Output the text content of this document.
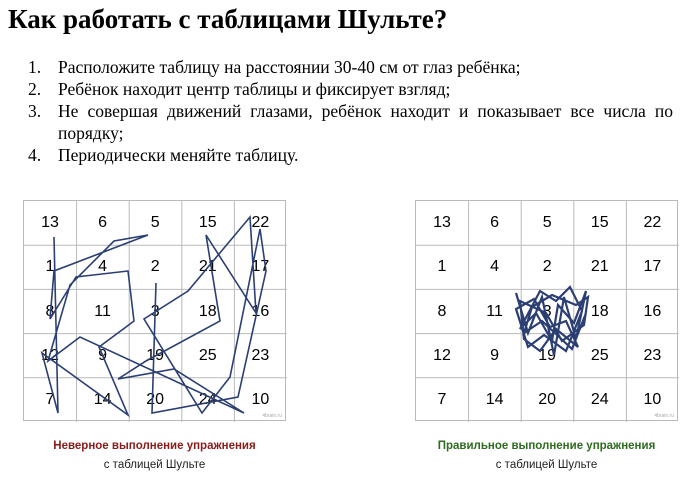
Как работать с таблицами Шульте?
1. Расположите таблицу на расстоянии 30-40 см от глаз ребёнка;
2. Ребёнок находит центр таблицы и фиксирует взгляд;
3. Не совершая движений глазами, ребёнок находит и показывает все числа по порядку;
4. Периодически меняйте таблицу.
13	6	5	15	22
1	4	2	21	17
8	11	3	18	16
12	9	19	25	23
7	14	20	24	10
4brain.ru
Неверное выполнение упражнения
с таблицей Шульте
13	6	5	15	22
1	4	2	21	17
8	11	3	18	16
12	9	19	25	23
7	14	20	24	10
4brain.ru
Правильное выполнение упражнения
с таблицей Шульте
